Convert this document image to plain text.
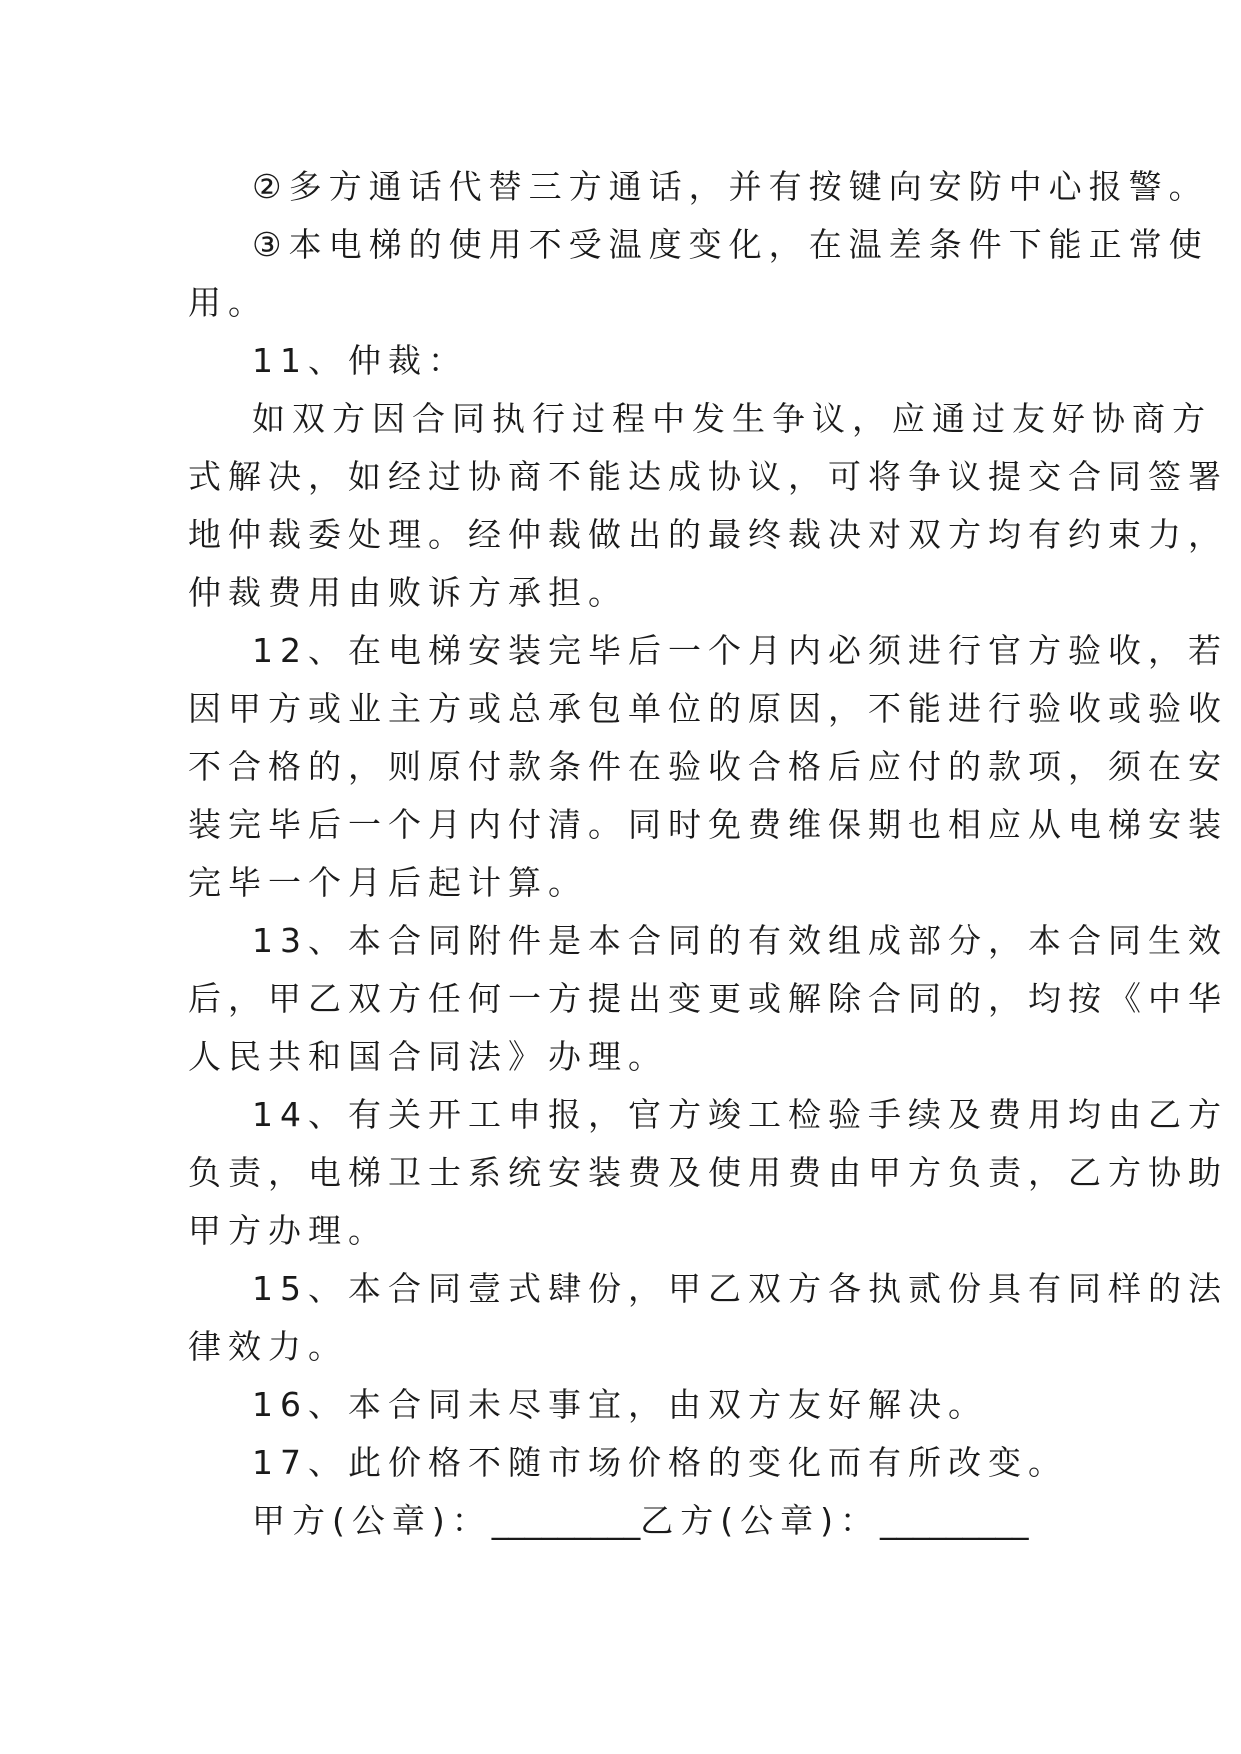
②多方通话代替三方通话，并有按键向安防中心报警。
③本电梯的使用不受温度变化，在温差条件下能正常使
用。
11、仲裁：
如双方因合同执行过程中发生争议，应通过友好协商方
式解决，如经过协商不能达成协议，可将争议提交合同签署
地仲裁委处理。经仲裁做出的最终裁决对双方均有约束力，
仲裁费用由败诉方承担。
12、在电梯安装完毕后一个月内必须进行官方验收，若
因甲方或业主方或总承包单位的原因，不能进行验收或验收
不合格的，则原付款条件在验收合格后应付的款项，须在安
装完毕后一个月内付清。同时免费维保期也相应从电梯安装
完毕一个月后起计算。
13、本合同附件是本合同的有效组成部分，本合同生效
后，甲乙双方任何一方提出变更或解除合同的，均按《中华
人民共和国合同法》办理。
14、有关开工申报，官方竣工检验手续及费用均由乙方
负责，电梯卫士系统安装费及使用费由甲方负责，乙方协助
甲方办理。
15、本合同壹式肆份，甲乙双方各执贰份具有同样的法
律效力。
16、本合同未尽事宜，由双方友好解决。
17、此价格不随市场价格的变化而有所改变。
甲方(公章)： _________ 乙方(公章)： _________
